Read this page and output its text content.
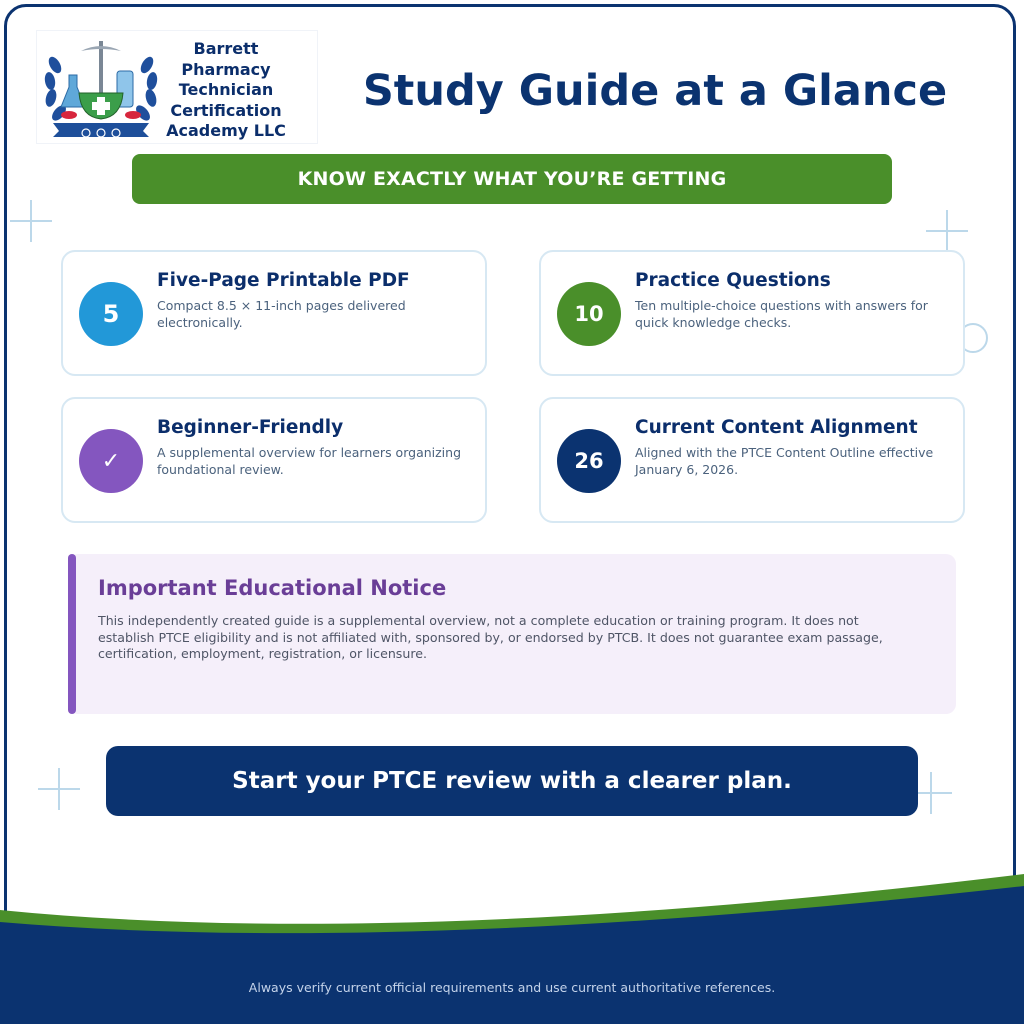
Barrett
Pharmacy
Technician
Certification
Academy LLC
Study Guide at a Glance
KNOW EXACTLY WHAT YOU’RE GETTING
5
Five-Page Printable PDF
Compact 8.5 × 11-inch pages delivered electronically.	10
Practice Questions
Ten multiple-choice questions with answers for quick knowledge checks.
✓
Beginner-Friendly
A supplemental overview for learners organizing foundational review.	26
Current Content Alignment
Aligned with the PTCE Content Outline effective January 6, 2026.
Important Educational Notice
This independently created guide is a supplemental overview, not a complete education or training program. It does not establish PTCE eligibility and is not affiliated with, sponsored by, or endorsed by PTCB. It does not guarantee exam passage, certification, employment, registration, or licensure.
Start your PTCE review with a clearer plan.
Always verify current official requirements and use current authoritative references.
